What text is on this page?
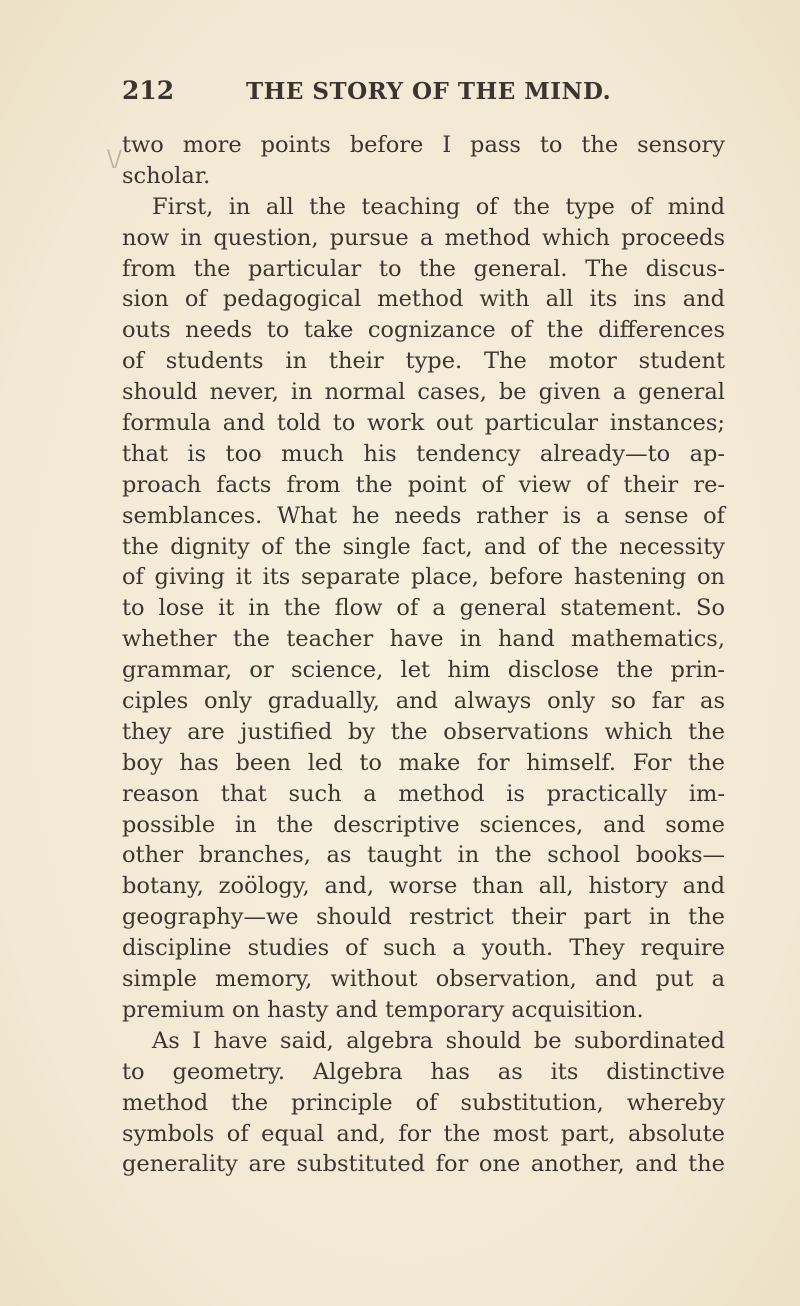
212	THE STORY OF THE MIND.
\/
two more points before I pass to the sensory
scholar.
First, in all the teaching of the type of mind
now in question, pursue a method which proceeds
from the particular to the general. The discus-
sion of pedagogical method with all its ins and
outs needs to take cognizance of the differences
of students in their type. The motor student
should never, in normal cases, be given a general
formula and told to work out particular instances;
that is too much his tendency already—to ap-
proach facts from the point of view of their re-
semblances. What he needs rather is a sense of
the dignity of the single fact, and of the necessity
of giving it its separate place, before hastening on
to lose it in the flow of a general statement. So
whether the teacher have in hand mathematics,
grammar, or science, let him disclose the prin-
ciples only gradually, and always only so far as
they are justified by the observations which the
boy has been led to make for himself. For the
reason that such a method is practically im-
possible in the descriptive sciences, and some
other branches, as taught in the school books—
botany, zoölogy, and, worse than all, history and
geography—we should restrict their part in the
discipline studies of such a youth. They require
simple memory, without observation, and put a
premium on hasty and temporary acquisition.
As I have said, algebra should be subordinated
to geometry. Algebra has as its distinctive
method the principle of substitution, whereby
symbols of equal and, for the most part, absolute
generality are substituted for one another, and the
